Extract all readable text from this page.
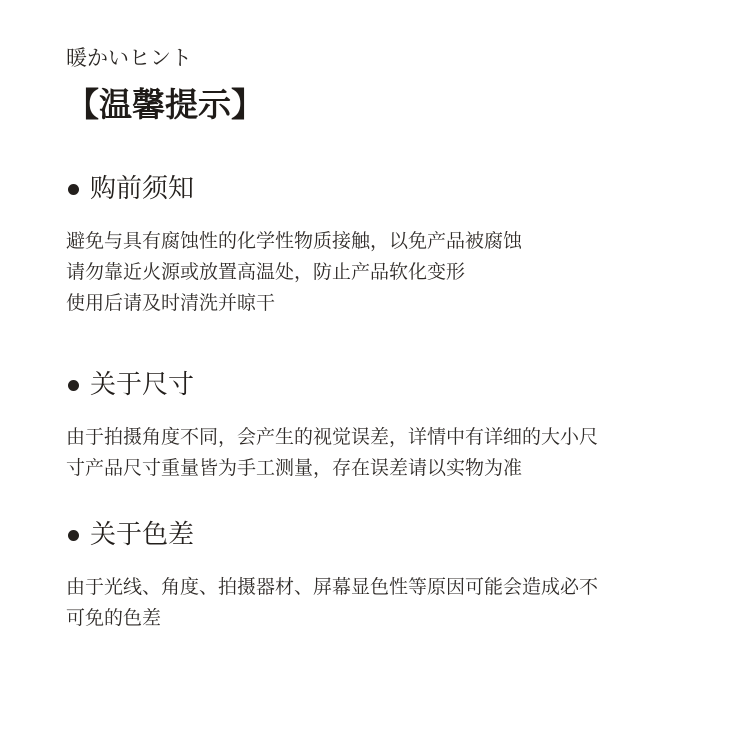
暖かいヒント
【温馨提示】
购前须知
避免与具有腐蚀性的化学性物质接触，以免产品被腐蚀
请勿靠近火源或放置高温处，防止产品软化变形
使用后请及时清洗并晾干
关于尺寸
由于拍摄角度不同，会产生的视觉误差，详情中有详细的大小尺
寸产品尺寸重量皆为手工测量，存在误差请以实物为准
关于色差
由于光线、角度、拍摄器材、屏幕显色性等原因可能会造成必不
可免的色差
